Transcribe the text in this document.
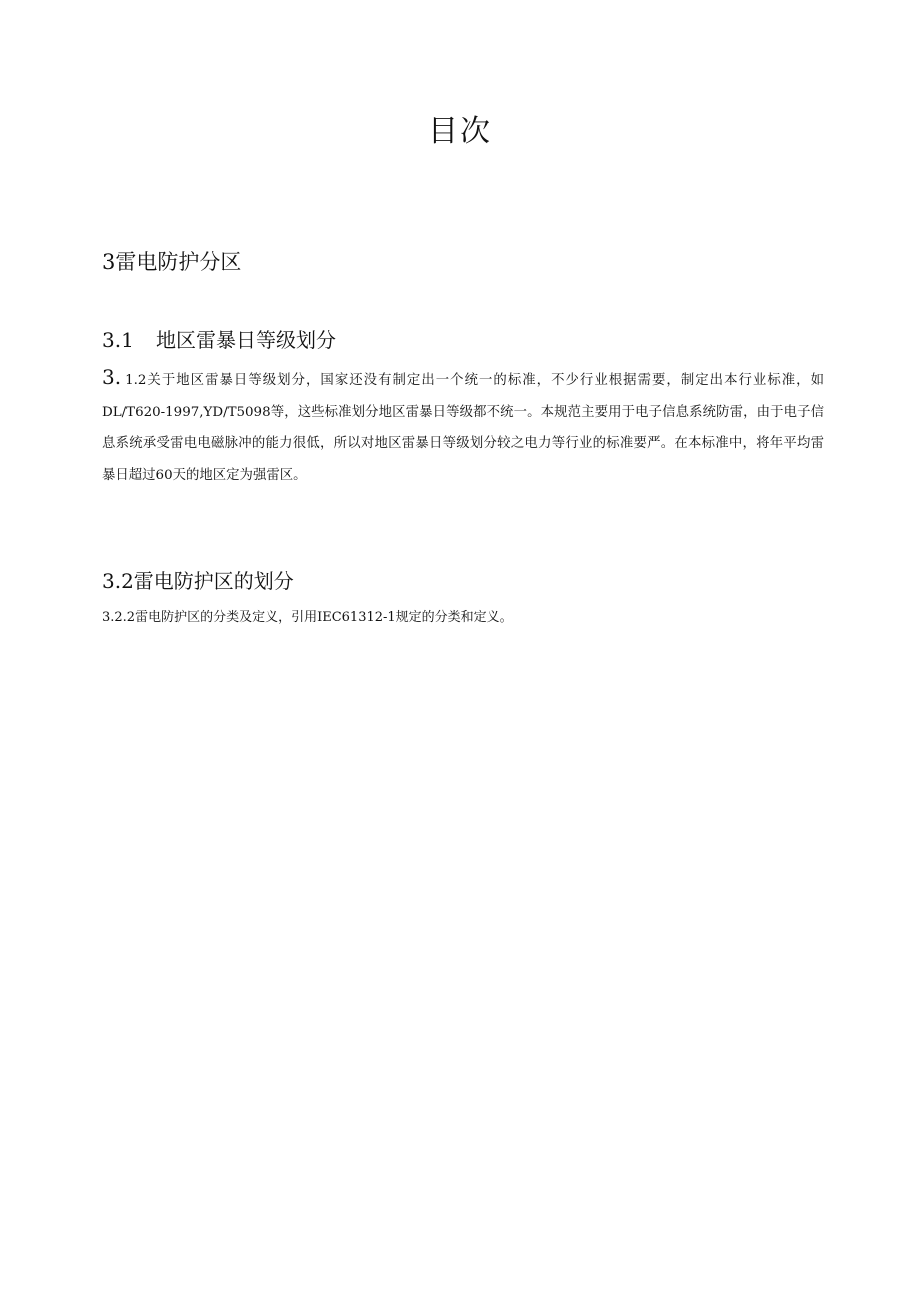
目次
3雷电防护分区
3.1 地区雷暴日等级划分

3. 1.2关于地区雷暴日等级划分，国家还没有制定出一个统一的标准，不少行业根据需要，制定出本行业标准，如DL/T620-1997,YD/T5098等，这些标准划分地区雷暴日等级都不统一。本规范主要用于电子信息系统防雷，由于电子信息系统承受雷电电磁脉冲的能力很低，所以对地区雷暴日等级划分较之电力等行业的标准要严。在本标准中，将年平均雷暴日超过60天的地区定为强雷区。

3.2雷电防护区的划分

3.2.2雷电防护区的分类及定义，引用IEC61312-1规定的分类和定义。
